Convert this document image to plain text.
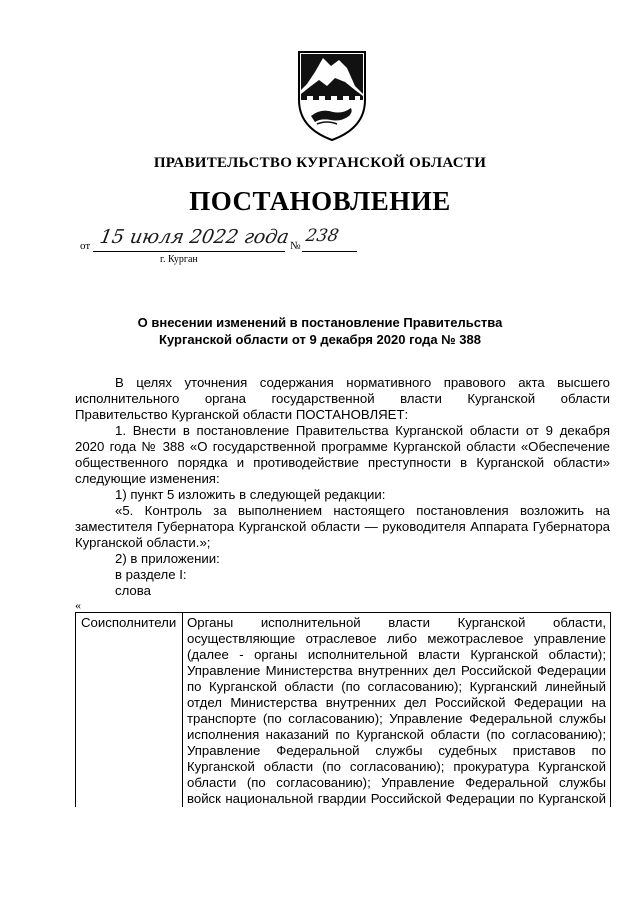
ПРАВИТЕЛЬСТВО КУРГАНСКОЙ ОБЛАСТИ
ПОСТАНОВЛЕНИЕ
от 15 июля 2022 года № 238
г. Курган
О внесении изменений в постановление Правительства
Курганской области от 9 декабря 2020 года № 388

В целях уточнения содержания нормативного правового акта высшего исполнительного органа государственной власти Курганской области

Правительство Курганской области ПОСТАНОВЛЯЕТ:

1. Внести в постановление Правительства Курганской области от 9 декабря 2020 года № 388 «О государственной программе Курганской области «Обеспечение общественного порядка и противодействие преступности в Курганской области» следующие изменения:

1) пункт 5 изложить в следующей редакции:

«5. Контроль за выполнением настоящего постановления возложить на заместителя Губернатора Курганской области — руководителя Аппарата Губернатора Курганской области.»;

2) в приложении:

в разделе I:

слова

«
Соисполнители	Органы исполнительной власти Курганской области, осуществляющие отраслевое либо межотраслевое управление (далее - органы исполнительной власти Курганской области); Управление Министерства внутренних дел Российской Федерации по Курганской области (по согласованию); Курганский линейный отдел Министерства внутренних дел Российской Федерации на транспорте (по согласованию); Управление Федеральной службы исполнения наказаний по Курганской области (по согласованию); Управление Федеральной службы судебных приставов по Курганской области (по согласованию); прокуратура Курганской области (по согласованию); Управление Федеральной службы войск национальной гвардии Российской Федерации по Курганской
